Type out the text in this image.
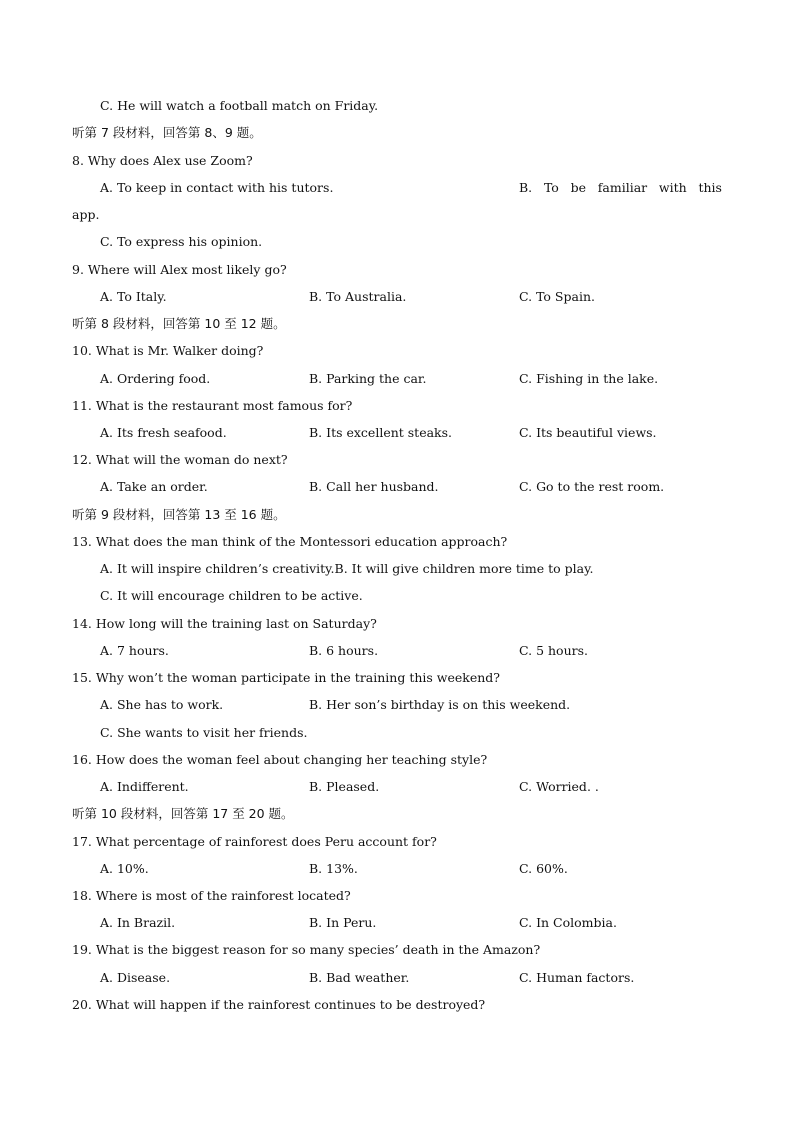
C. He will watch a football match on Friday.
听第 7 段材料，回答第 8、9 题。
8. Why does Alex use Zoom?
A. To keep in contact with his tutors.	B. To be familiar with this
app.
C. To express his opinion.
9. Where will Alex most likely go?
A. To Italy.	B. To Australia.	C. To Spain.
听第 8 段材料，回答第 10 至 12 题。
10. What is Mr. Walker doing?
A. Ordering food.	B. Parking the car.	C. Fishing in the lake.
11. What is the restaurant most famous for?
A. Its fresh seafood.	B. Its excellent steaks.	C. Its beautiful views.
12. What will the woman do next?
A. Take an order.	B. Call her husband.	C. Go to the rest room.
听第 9 段材料，回答第 13 至 16 题。
13. What does the man think of the Montessori education approach?
A. It will inspire children’s creativity.B. It will give children more time to play.
C. It will encourage children to be active.
14. How long will the training last on Saturday?
A. 7 hours.	B. 6 hours.	C. 5 hours.
15. Why won’t the woman participate in the training this weekend?
A. She has to work.	B. Her son’s birthday is on this weekend.
C. She wants to visit her friends.
16. How does the woman feel about changing her teaching style?
A. Indifferent.	B. Pleased.	C. Worried. .
听第 10 段材料，回答第 17 至 20 题。
17. What percentage of rainforest does Peru account for?
A. 10%.	B. 13%.	C. 60%.
18. Where is most of the rainforest located?
A. In Brazil.	B. In Peru.	C. In Colombia.
19. What is the biggest reason for so many species’ death in the Amazon?
A. Disease.	B. Bad weather.	C. Human factors.
20. What will happen if the rainforest continues to be destroyed?
